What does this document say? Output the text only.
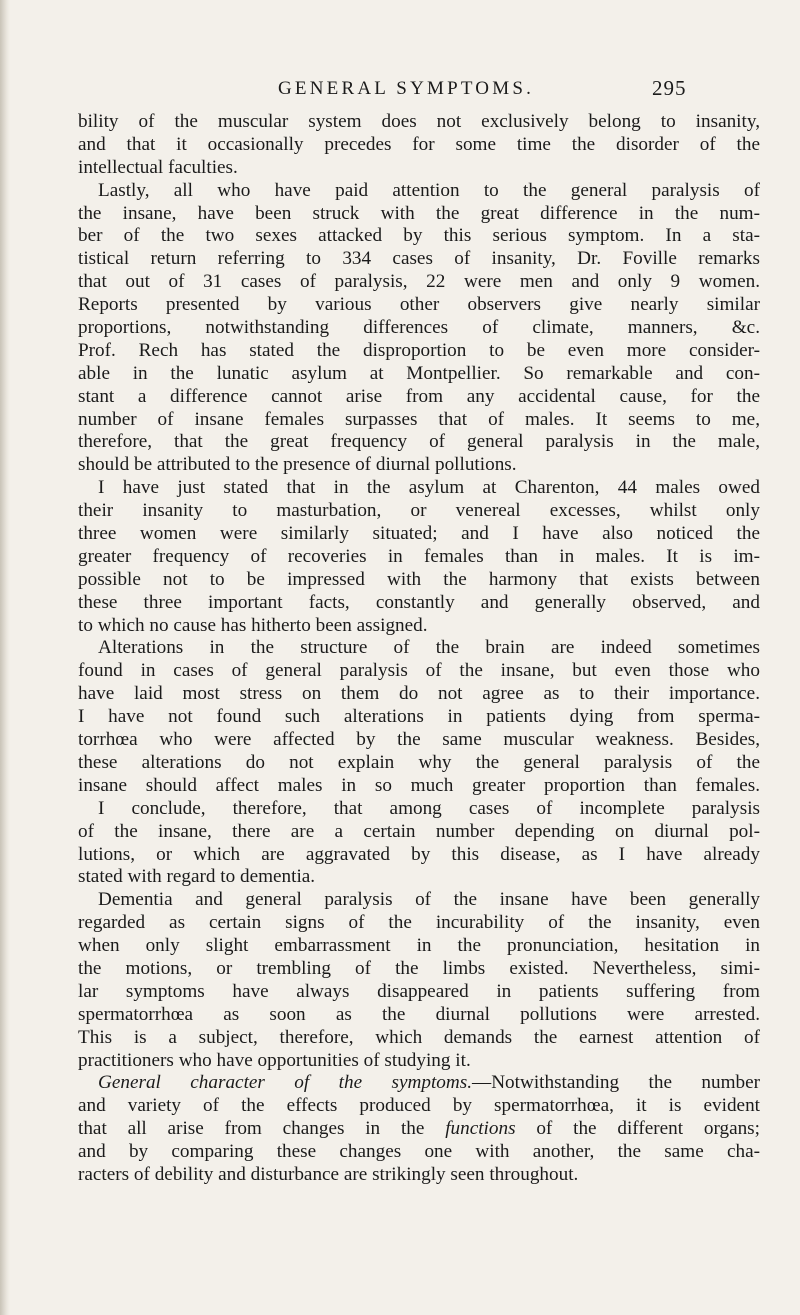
GENERAL SYMPTOMS.	295
bility of the muscular system does not exclusively belong to insanity,
and that it occasionally precedes for some time the disorder of the
intellectual faculties.
Lastly, all who have paid attention to the general paralysis of
the insane, have been struck with the great difference in the num-
ber of the two sexes attacked by this serious symptom. In a sta-
tistical return referring to 334 cases of insanity, Dr. Foville remarks
that out of 31 cases of paralysis, 22 were men and only 9 women.
Reports presented by various other observers give nearly similar
proportions, notwithstanding differences of climate, manners, &c.
Prof. Rech has stated the disproportion to be even more consider-
able in the lunatic asylum at Montpellier. So remarkable and con-
stant a difference cannot arise from any accidental cause, for the
number of insane females surpasses that of males. It seems to me,
therefore, that the great frequency of general paralysis in the male,
should be attributed to the presence of diurnal pollutions.
I have just stated that in the asylum at Charenton, 44 males owed
their insanity to masturbation, or venereal excesses, whilst only
three women were similarly situated; and I have also noticed the
greater frequency of recoveries in females than in males. It is im-
possible not to be impressed with the harmony that exists between
these three important facts, constantly and generally observed, and
to which no cause has hitherto been assigned.
Alterations in the structure of the brain are indeed sometimes
found in cases of general paralysis of the insane, but even those who
have laid most stress on them do not agree as to their importance.
I have not found such alterations in patients dying from sperma-
torrhœa who were affected by the same muscular weakness. Besides,
these alterations do not explain why the general paralysis of the
insane should affect males in so much greater proportion than females.
I conclude, therefore, that among cases of incomplete paralysis
of the insane, there are a certain number depending on diurnal pol-
lutions, or which are aggravated by this disease, as I have already
stated with regard to dementia.
Dementia and general paralysis of the insane have been generally
regarded as certain signs of the incurability of the insanity, even
when only slight embarrassment in the pronunciation, hesitation in
the motions, or trembling of the limbs existed. Nevertheless, simi-
lar symptoms have always disappeared in patients suffering from
spermatorrhœa as soon as the diurnal pollutions were arrested.
This is a subject, therefore, which demands the earnest attention of
practitioners who have opportunities of studying it.
General character of the symptoms.—Notwithstanding the number
and variety of the effects produced by spermatorrhœa, it is evident
that all arise from changes in the functions of the different organs;
and by comparing these changes one with another, the same cha-
racters of debility and disturbance are strikingly seen throughout.
